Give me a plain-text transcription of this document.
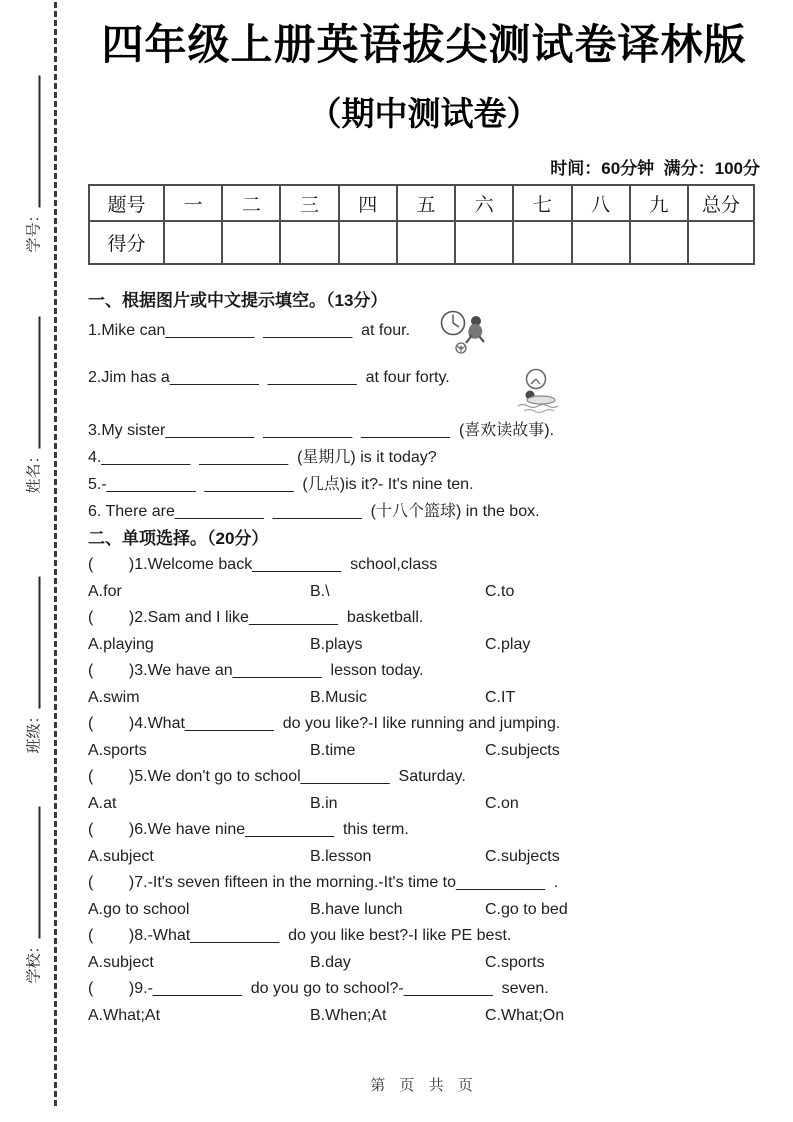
学号：
姓名：
班级：
学校：
四年级上册英语拔尖测试卷译林版
（期中测试卷）
时间：60分钟  满分：100分
题号	一	二	三	四	五	六	七	八	九	总分
得分										

一、根据图片或中文提示填空。（13分）

1.Mike can__________  __________  at four.

2.Jim has a__________  __________  at four forty.

3.My sister__________  __________  __________  (喜欢读故事).

4.__________  __________  (星期几) is it today?

5.-__________  __________  (几点)is it?- It's nine ten.

6. There are__________  __________  (十八个篮球) in the box.

二、单项选择。（20分）

(        )1.Welcome back__________  school,class

A.for	B.\	C.to

(        )2.Sam and I like__________  basketball.

A.playing	B.plays	C.play

(        )3.We have an__________  lesson today.

A.swim	B.Music	C.IT

(        )4.What__________  do you like?-I like running and jumping.

A.sports	B.time	C.subjects

(        )5.We don't go to school__________  Saturday.

A.at	B.in	C.on

(        )6.We have nine__________  this term.

A.subject	B.lesson	C.subjects

(        )7.-It's seven fifteen in the morning.-It's time to__________  .

A.go to school	B.have lunch	C.go to bed

(        )8.-What__________  do you like best?-I like PE best.

A.subject	B.day	C.sports

(        )9.-__________  do you go to school?-__________  seven.

A.What;At	B.When;At	C.What;On
第 页 共 页
